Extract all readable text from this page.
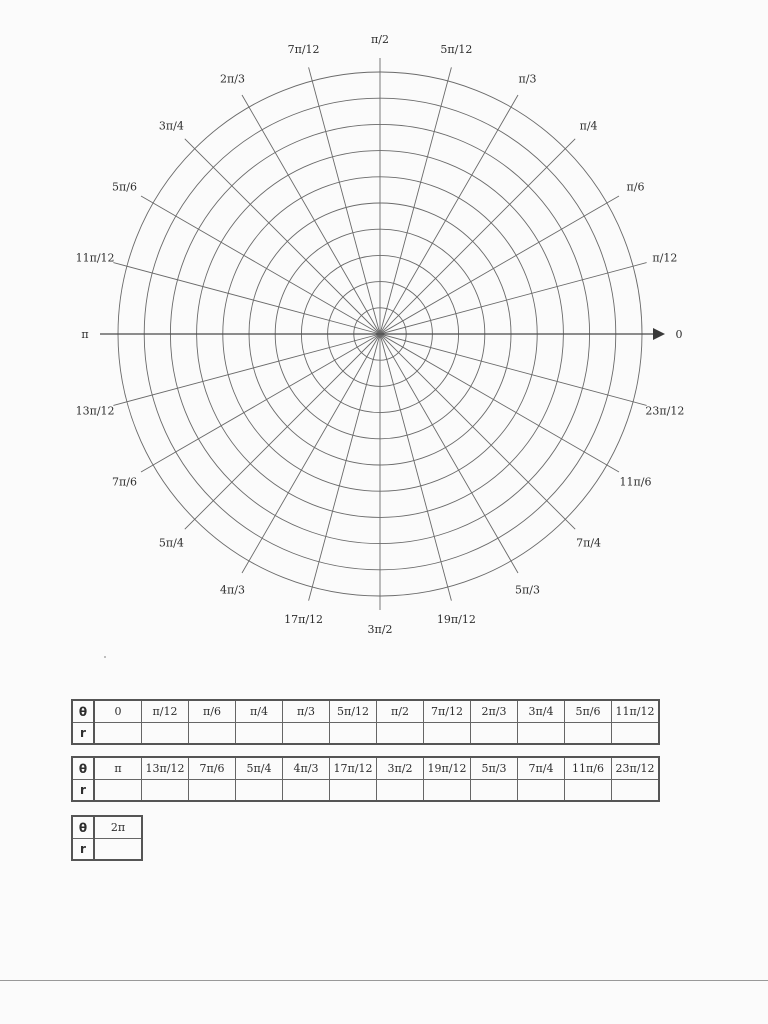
0
π/12
π/6
π/4
π/3
5π/12
π/2
7π/12
2π/3
3π/4
5π/6
11π/12
π
13π/12
7π/6
5π/4
4π/3
17π/12
3π/2
19π/12
5π/3
7π/4
11π/6
23π/12
θ	0	π/12	π/6	π/4	π/3	5π/12	π/2	7π/12	2π/3	3π/4	5π/6	11π/12
r												
θ	π	13π/12	7π/6	5π/4	4π/3	17π/12	3π/2	19π/12	5π/3	7π/4	11π/6	23π/12
r												
θ	2π
r	
